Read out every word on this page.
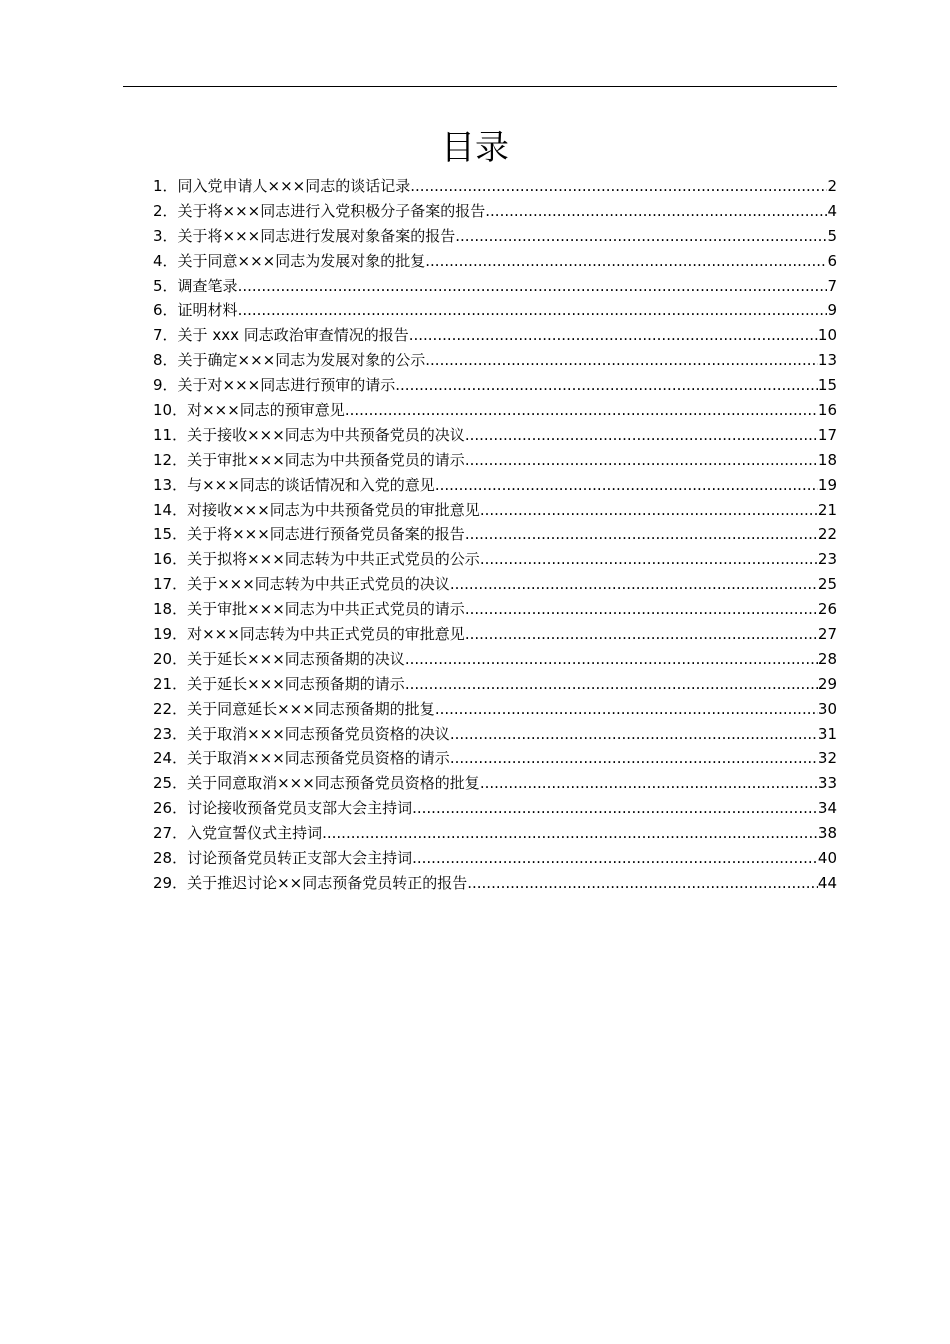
目录
1． 同入党申请人×××同志的谈话记录 .....	2
2． 关于将×××同志进行入党积极分子备案的报告 .....	4
3． 关于将×××同志进行发展对象备案的报告 .....	5
4． 关于同意×××同志为发展对象的批复 .....	6
5． 调查笔录 .....	7
6． 证明材料 .....	9
7． 关于 xxx 同志政治审查情况的报告 .....	10
8． 关于确定×××同志为发展对象的公示 .....	13
9． 关于对×××同志进行预审的请示 .....	15
10． 对×××同志的预审意见 .....	16
11． 关于接收×××同志为中共预备党员的决议 .....	17
12． 关于审批×××同志为中共预备党员的请示 .....	18
13． 与×××同志的谈话情况和入党的意见 .....	19
14． 对接收×××同志为中共预备党员的审批意见 .....	21
15． 关于将×××同志进行预备党员备案的报告 .....	22
16． 关于拟将×××同志转为中共正式党员的公示 .....	23
17． 关于×××同志转为中共正式党员的决议 .....	25
18． 关于审批×××同志为中共正式党员的请示 .....	26
19． 对×××同志转为中共正式党员的审批意见 .....	27
20． 关于延长×××同志预备期的决议 .....	28
21． 关于延长×××同志预备期的请示 .....	29
22． 关于同意延长×××同志预备期的批复 .....	30
23． 关于取消×××同志预备党员资格的决议 .....	31
24． 关于取消×××同志预备党员资格的请示 .....	32
25． 关于同意取消×××同志预备党员资格的批复 .....	33
26． 讨论接收预备党员支部大会主持词 .....	34
27． 入党宣誓仪式主持词 .....	38
28． 讨论预备党员转正支部大会主持词 .....	40
29． 关于推迟讨论××同志预备党员转正的报告 .....	44
